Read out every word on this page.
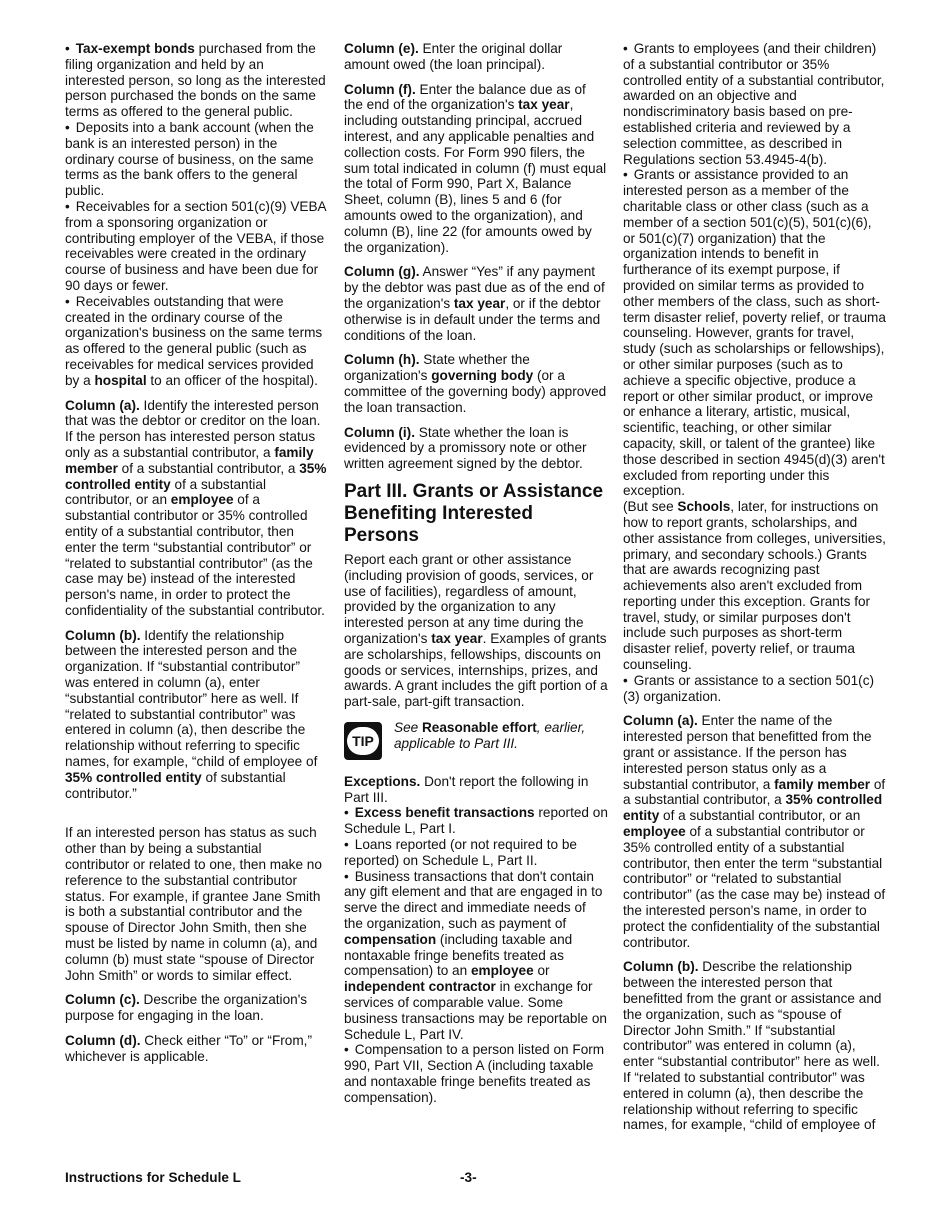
• Tax-exempt bonds purchased from the filing organization and held by an interested person, so long as the interested person purchased the bonds on the same terms as offered to the general public.

• Deposits into a bank account (when the bank is an interested person) in the ordinary course of business, on the same terms as the bank offers to the general public.

• Receivables for a section 501(c)(9) VEBA from a sponsoring organization or contributing employer of the VEBA, if those receivables were created in the ordinary course of business and have been due for 90 days or fewer.

• Receivables outstanding that were created in the ordinary course of the organization's business on the same terms as offered to the general public (such as receivables for medical services provided by a hospital to an officer of the hospital).

Column (a). Identify the interested person that was the debtor or creditor on the loan. If the person has interested person status only as a substantial contributor, a family member of a substantial contributor, a 35% controlled entity of a substantial contributor, or an employee of a substantial contributor or 35% controlled entity of a substantial contributor, then enter the term “substantial contributor” or “related to substantial contributor” (as the case may be) instead of the interested person's name, in order to protect the confidentiality of the substantial contributor.

Column (b). Identify the relationship between the interested person and the organization. If “substantial contributor” was entered in column (a), enter “substantial contributor” here as well. If “related to substantial contributor” was entered in column (a), then describe the relationship without referring to specific names, for example, “child of employee of 35% controlled entity of substantial contributor.”

If an interested person has status as such other than by being a substantial contributor or related to one, then make no reference to the substantial contributor status. For example, if grantee Jane Smith is both a substantial contributor and the spouse of Director John Smith, then she must be listed by name in column (a), and column (b) must state “spouse of Director John Smith” or words to similar effect.

Column (c). Describe the organization's purpose for engaging in the loan.

Column (d). Check either “To” or “From,” whichever is applicable.

Column (e). Enter the original dollar amount owed (the loan principal).

Column (f). Enter the balance due as of the end of the organization's tax year, including outstanding principal, accrued interest, and any applicable penalties and collection costs. For Form 990 filers, the sum total indicated in column (f) must equal the total of Form 990, Part X, Balance Sheet, column (B), lines 5 and 6 (for amounts owed to the organization), and column (B), line 22 (for amounts owed by the organization).

Column (g). Answer “Yes” if any payment by the debtor was past due as of the end of the organization's tax year, or if the debtor otherwise is in default under the terms and conditions of the loan.

Column (h). State whether the organization's governing body (or a committee of the governing body) approved the loan transaction.

Column (i). State whether the loan is evidenced by a promissory note or other written agreement signed by the debtor.

Part III. Grants or Assistance Benefiting Interested Persons

Report each grant or other assistance (including provision of goods, services, or use of facilities), regardless of amount, provided by the organization to any interested person at any time during the organization's tax year. Examples of grants are scholarships, fellowships, discounts on goods or services, internships, prizes, and awards. A grant includes the gift portion of a part-sale, part-gift transaction.

TIP
See Reasonable effort, earlier, applicable to Part III.

Exceptions. Don't report the following in Part III.

• Excess benefit transactions reported on Schedule L, Part I.

• Loans reported (or not required to be reported) on Schedule L, Part II.

• Business transactions that don't contain any gift element and that are engaged in to serve the direct and immediate needs of the organization, such as payment of compensation (including taxable and nontaxable fringe benefits treated as compensation) to an employee or independent contractor in exchange for services of comparable value. Some business transactions may be reportable on Schedule L, Part IV.

• Compensation to a person listed on Form 990, Part VII, Section A (including taxable and nontaxable fringe benefits treated as compensation).

• Grants to employees (and their children) of a substantial contributor or 35% controlled entity of a substantial contributor, awarded on an objective and nondiscriminatory basis based on pre-established criteria and reviewed by a selection committee, as described in Regulations section 53.4945-4(b).

• Grants or assistance provided to an interested person as a member of the charitable class or other class (such as a member of a section 501(c)(5), 501(c)(6), or 501(c)(7) organization) that the organization intends to benefit in furtherance of its exempt purpose, if provided on similar terms as provided to other members of the class, such as short-term disaster relief, poverty relief, or trauma counseling. However, grants for travel, study (such as scholarships or fellowships), or other similar purposes (such as to achieve a specific objective, produce a report or other similar product, or improve or enhance a literary, artistic, musical, scientific, teaching, or other similar capacity, skill, or talent of the grantee) like those described in section 4945(d)(3) aren't excluded from reporting under this exception.

(But see Schools, later, for instructions on how to report grants, scholarships, and other assistance from colleges, universities, primary, and secondary schools.) Grants that are awards recognizing past achievements also aren't excluded from reporting under this exception. Grants for travel, study, or similar purposes don't include such purposes as short-term disaster relief, poverty relief, or trauma counseling.

• Grants or assistance to a section 501(c)(3) organization.

Column (a). Enter the name of the interested person that benefitted from the grant or assistance. If the person has interested person status only as a substantial contributor, a family member of a substantial contributor, a 35% controlled entity of a substantial contributor, or an employee of a substantial contributor or 35% controlled entity of a substantial contributor, then enter the term “substantial contributor” or “related to substantial contributor” (as the case may be) instead of the interested person's name, in order to protect the confidentiality of the substantial contributor.

Column (b). Describe the relationship between the interested person that benefitted from the grant or assistance and the organization, such as “spouse of Director John Smith.” If “substantial contributor” was entered in column (a), enter “substantial contributor” here as well. If “related to substantial contributor” was entered in column (a), then describe the relationship without referring to specific names, for example, “child of employee of

Instructions for Schedule L	-3-
